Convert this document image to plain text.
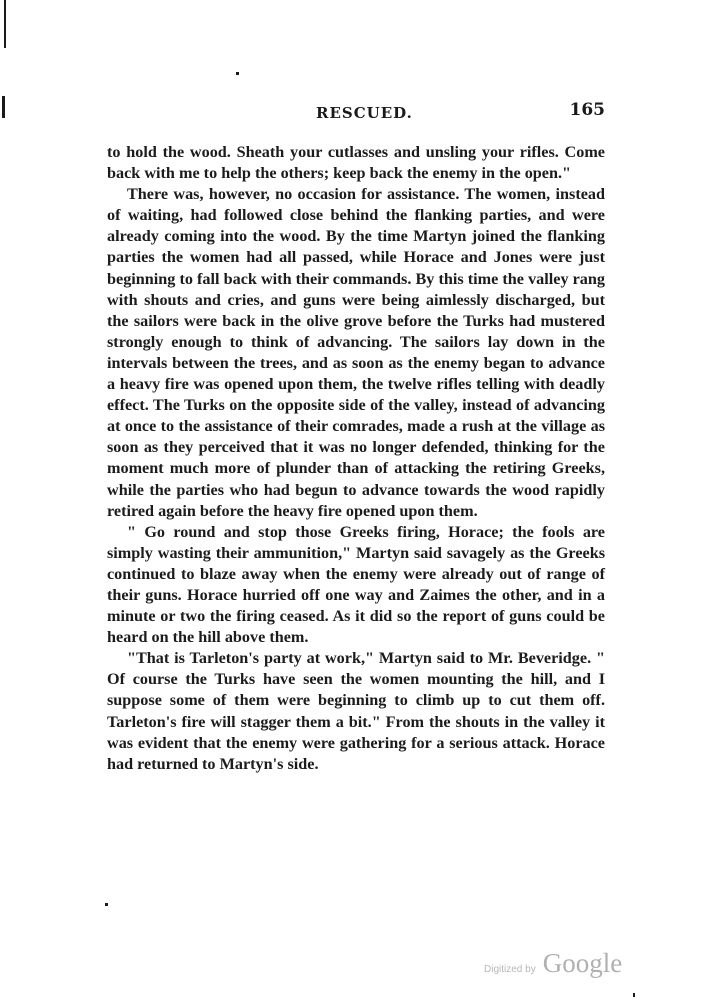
RESCUED.	165

to hold the wood. Sheath your cutlasses and unsling your rifles. Come back with me to help the others; keep back the enemy in the open."

There was, however, no occasion for assistance. The women, instead of waiting, had followed close behind the flanking parties, and were already coming into the wood. By the time Martyn joined the flanking parties the women had all passed, while Horace and Jones were just beginning to fall back with their commands. By this time the valley rang with shouts and cries, and guns were being aimlessly discharged, but the sailors were back in the olive grove before the Turks had mustered strongly enough to think of advancing. The sailors lay down in the intervals between the trees, and as soon as the enemy began to advance a heavy fire was opened upon them, the twelve rifles telling with deadly effect. The Turks on the opposite side of the valley, instead of advancing at once to the assistance of their comrades, made a rush at the village as soon as they perceived that it was no longer defended, thinking for the moment much more of plunder than of attacking the retiring Greeks, while the parties who had begun to advance towards the wood rapidly retired again before the heavy fire opened upon them.

" Go round and stop those Greeks firing, Horace; the fools are simply wasting their ammunition," Martyn said savagely as the Greeks continued to blaze away when the enemy were already out of range of their guns. Horace hurried off one way and Zaimes the other, and in a minute or two the firing ceased. As it did so the report of guns could be heard on the hill above them.

"That is Tarleton's party at work," Martyn said to Mr. Beveridge. " Of course the Turks have seen the women mounting the hill, and I suppose some of them were beginning to climb up to cut them off. Tarleton's fire will stagger them a bit." From the shouts in the valley it was evident that the enemy were gathering for a serious attack. Horace had returned to Martyn's side.

Digitized by Google
